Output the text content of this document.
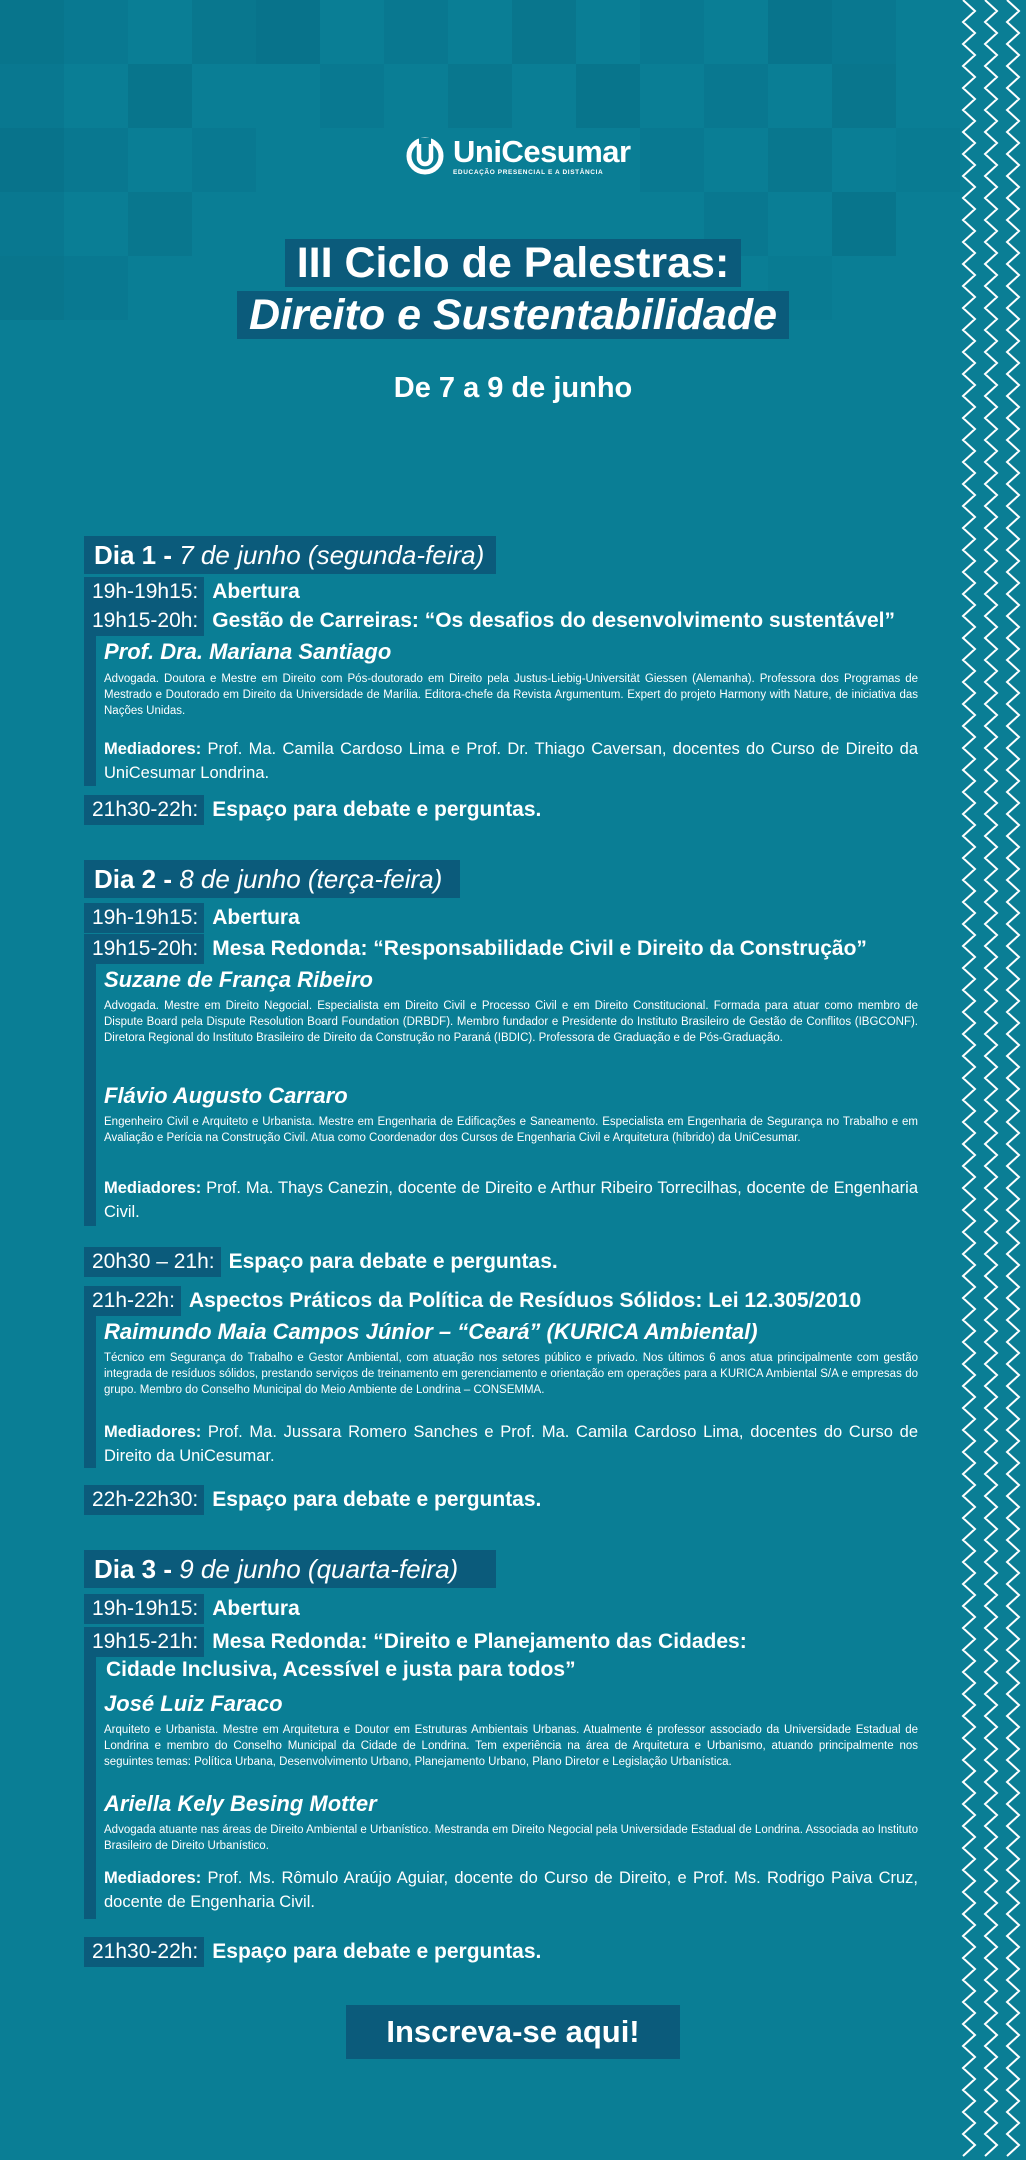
UniCesumar
EDUCAÇÃO PRESENCIAL E A DISTÂNCIA
III Ciclo de Palestras:
Direito e Sustentabilidade
De 7 a 9 de junho
Dia 1 - 7 de junho (segunda-feira)
19h-19h15: Abertura
19h15-20h: Gestão de Carreiras: “Os desafios do desenvolvimento sustentável”
Prof. Dra. Mariana Santiago
Advogada. Doutora e Mestre em Direito com Pós-doutorado em Direito pela Justus-Liebig-Universität Giessen (Alemanha). Professora dos Programas de Mestrado e Doutorado em Direito da Universidade de Marília. Editora-chefe da Revista Argumentum. Expert do projeto Harmony with Nature, de iniciativa das Nações Unidas.
Mediadores: Prof. Ma. Camila Cardoso Lima e Prof. Dr. Thiago Caversan, docentes do Curso de Direito da UniCesumar Londrina.
21h30-22h: Espaço para debate e perguntas.
Dia 2 - 8 de junho (terça-feira)
19h-19h15: Abertura
19h15-20h: Mesa Redonda: “Responsabilidade Civil e Direito da Construção”
Suzane de França Ribeiro
Advogada. Mestre em Direito Negocial. Especialista em Direito Civil e Processo Civil e em Direito Constitucional. Formada para atuar como membro de Dispute Board pela Dispute Resolution Board Foundation (DRBDF). Membro fundador e Presidente do Instituto Brasileiro de Gestão de Conflitos (IBGCONF). Diretora Regional do Instituto Brasileiro de Direito da Construção no Paraná (IBDIC). Professora de Graduação e de Pós-Graduação.
Flávio Augusto Carraro
Engenheiro Civil e Arquiteto e Urbanista. Mestre em Engenharia de Edificações e Saneamento. Especialista em Engenharia de Segurança no Trabalho e em Avaliação e Perícia na Construção Civil. Atua como Coordenador dos Cursos de Engenharia Civil e Arquitetura (híbrido) da UniCesumar.
Mediadores: Prof. Ma. Thays Canezin, docente de Direito e Arthur Ribeiro Torrecilhas, docente de Engenharia Civil.
20h30 – 21h: Espaço para debate e perguntas.
21h-22h: Aspectos Práticos da Política de Resíduos Sólidos: Lei 12.305/2010
Raimundo Maia Campos Júnior – “Ceará” (KURICA Ambiental)
Técnico em Segurança do Trabalho e Gestor Ambiental, com atuação nos setores público e privado. Nos últimos 6 anos atua principalmente com gestão integrada de resíduos sólidos, prestando serviços de treinamento em gerenciamento e orientação em operações para a KURICA Ambiental S/A e empresas do grupo. Membro do Conselho Municipal do Meio Ambiente de Londrina – CONSEMMA.
Mediadores: Prof. Ma. Jussara Romero Sanches e Prof. Ma. Camila Cardoso Lima, docentes do Curso de Direito da UniCesumar.
22h-22h30: Espaço para debate e perguntas.
Dia 3 - 9 de junho (quarta-feira)
19h-19h15: Abertura
19h15-21h: Mesa Redonda: “Direito e Planejamento das Cidades:
Cidade Inclusiva, Acessível e justa para todos”
José Luiz Faraco
Arquiteto e Urbanista. Mestre em Arquitetura e Doutor em Estruturas Ambientais Urbanas. Atualmente é professor associado da Universidade Estadual de Londrina e membro do Conselho Municipal da Cidade de Londrina. Tem experiência na área de Arquitetura e Urbanismo, atuando principalmente nos seguintes temas: Política Urbana, Desenvolvimento Urbano, Planejamento Urbano, Plano Diretor e Legislação Urbanística.
Ariella Kely Besing Motter
Advogada atuante nas áreas de Direito Ambiental e Urbanístico. Mestranda em Direito Negocial pela Universidade Estadual de Londrina. Associada ao Instituto Brasileiro de Direito Urbanístico.
Mediadores: Prof. Ms. Rômulo Araújo Aguiar, docente do Curso de Direito, e Prof. Ms. Rodrigo Paiva Cruz, docente de Engenharia Civil.
21h30-22h: Espaço para debate e perguntas.
Inscreva-se aqui!
